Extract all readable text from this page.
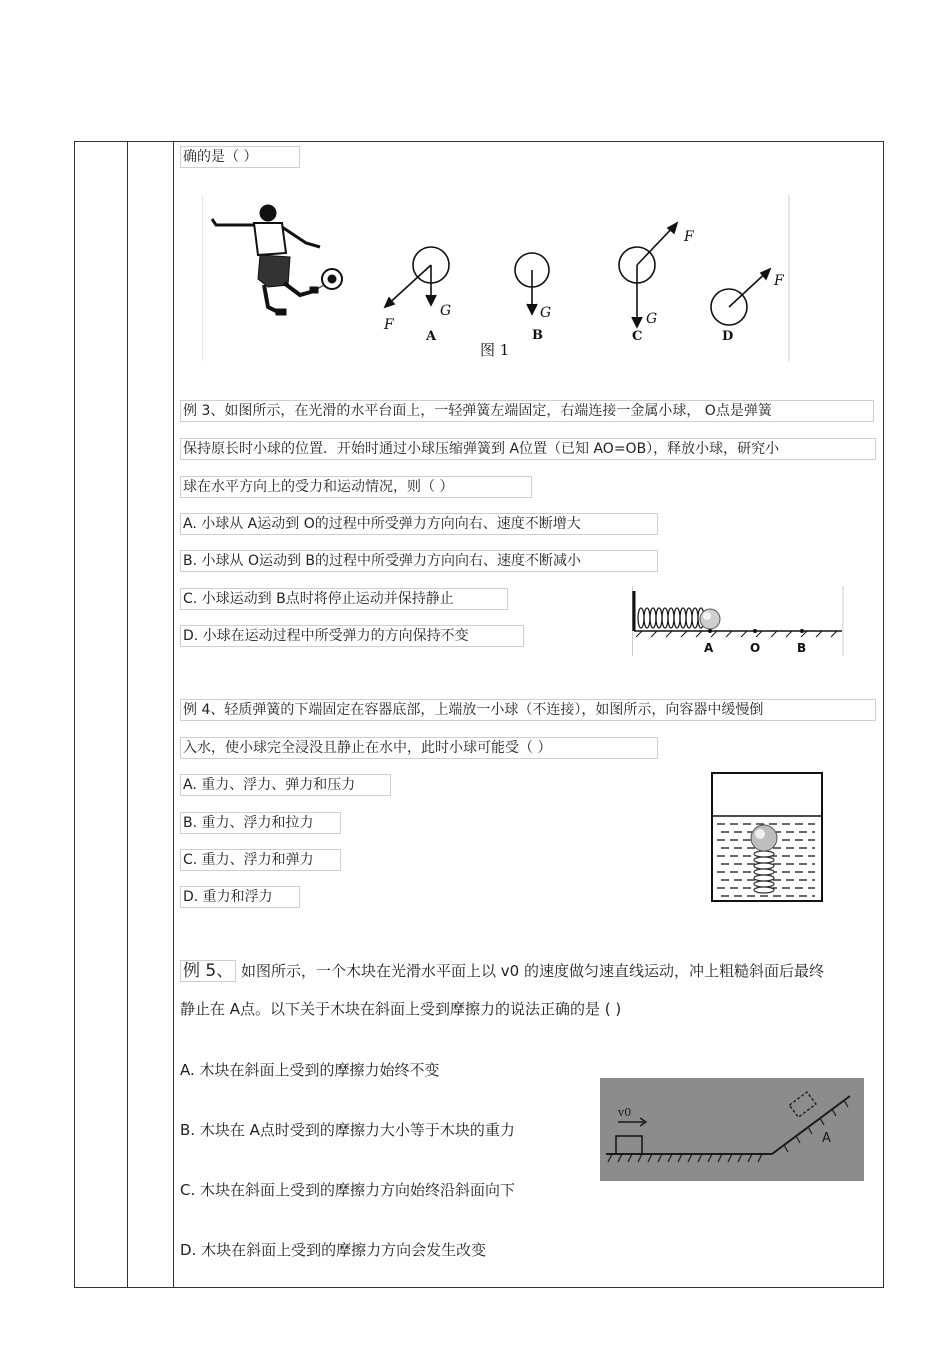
确的是（ ）
G
F
G	G
F
F
A	B	C	D
图 1
例 3、如图所示，在光滑的水平台面上，一轻弹簧左端固定，右端连接一金属小球， O点是弹簧
保持原长时小球的位置．开始时通过小球压缩弹簧到 A位置（已知 AO=OB），释放小球，研究小
球在水平方向上的受力和运动情况，则（ ）
A. 小球从 A运动到 O的过程中所受弹力方向向右、速度不断增大
B. 小球从 O运动到 B的过程中所受弹力方向向右、速度不断减小
C. 小球运动到 B点时将停止运动并保持静止
D. 小球在运动过程中所受弹力的方向保持不变
A	O	B
例 4、轻质弹簧的下端固定在容器底部，上端放一小球（不连接），如图所示，向容器中缓慢倒
入水，使小球完全浸没且静止在水中，此时小球可能受（ ）
A. 重力、浮力、弹力和压力
B. 重力、浮力和拉力
C. 重力、浮力和弹力
D. 重力和浮力
例 5、 如图所示，一个木块在光滑水平面上以 v0 的速度做匀速直线运动，冲上粗糙斜面后最终
静止在 A点。以下关于木块在斜面上受到摩擦力的说法正确的是 ( )
A. 木块在斜面上受到的摩擦力始终不变
B. 木块在 A点时受到的摩擦力大小等于木块的重力
C. 木块在斜面上受到的摩擦力方向始终沿斜面向下
D. 木块在斜面上受到的摩擦力方向会发生改变
v0
A
